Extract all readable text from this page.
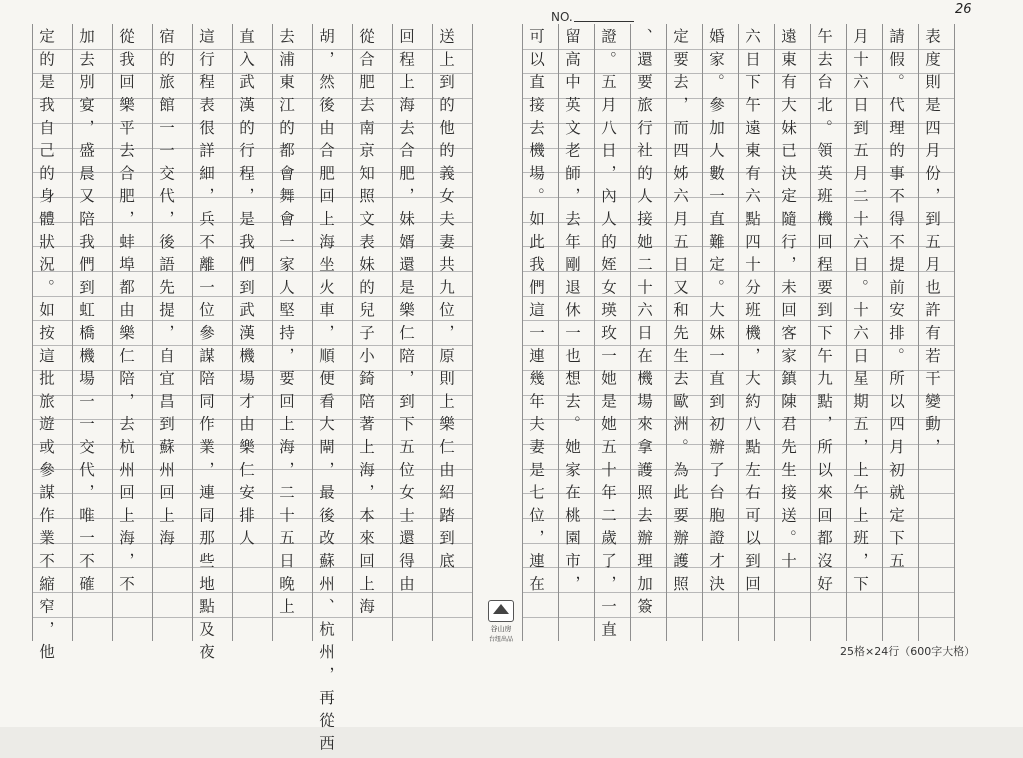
NO.	26
送上到的他的義女夫妻共九位，原則上樂仁由紹踏到底
回程上海去合肥，妹婿還是樂仁陪，到下五位女士還得由
從合肥去南京知照文表妹的兒子小錡陪著上海，本來回上海
胡，然後由合肥回上海坐火車，順便看大閘，最後改蘇州、杭州，再從西
去浦東江的都會舞會一家人堅持，要回上海，二十五日晚上
直入武漢的行程，是我們到武漢機場才由樂仁安排人
這行程表很詳細，兵不離一位參謀陪同作業，連同那些地點及夜
宿的旅館一一交代，後語先提，自宜昌到蘇州回上海
從我回樂平去合肥，蚌埠都由樂仁陪，去杭州回上海，不
加去別宴，盛晨又陪我們到虹橋機場一一交代，唯一不確
定的是我自己的身體狀況。如按這批旅遊或參謀作業不縮窄，他	谷山房
台纽出品
表度則是四月份，到五月也許有若干變動，
請假。代理的事不得不提前安排。所以四月初就定下五
月十六日到五月二十六日。十六日星期五，上午上班，下
午去台北。領英班機回程要到下午九點，所以來回都沒好
遠東有大妹已決定隨行，未回客家鎮陳君先生接送。十
六日下午遠東有六點四十分班機，大約八點左右可以到回
婚家。參加人數一直難定。大妹一直到初辦了台胞證才決
定要去，而四姊六月五日又和先生去歐洲。為此要辦護照
、還要旅行社的人接她二十六日在機場來拿護照去辦理加簽
證。五月八日，內人的姪女瑛玫一她是她五十年二歲了，一直
留高中英文老師，去年剛退休一也想去。她家在桃園市，
可以直接去機場。如此我們這一連幾年夫妻是七位，連在
25格×24行（600字大格）
